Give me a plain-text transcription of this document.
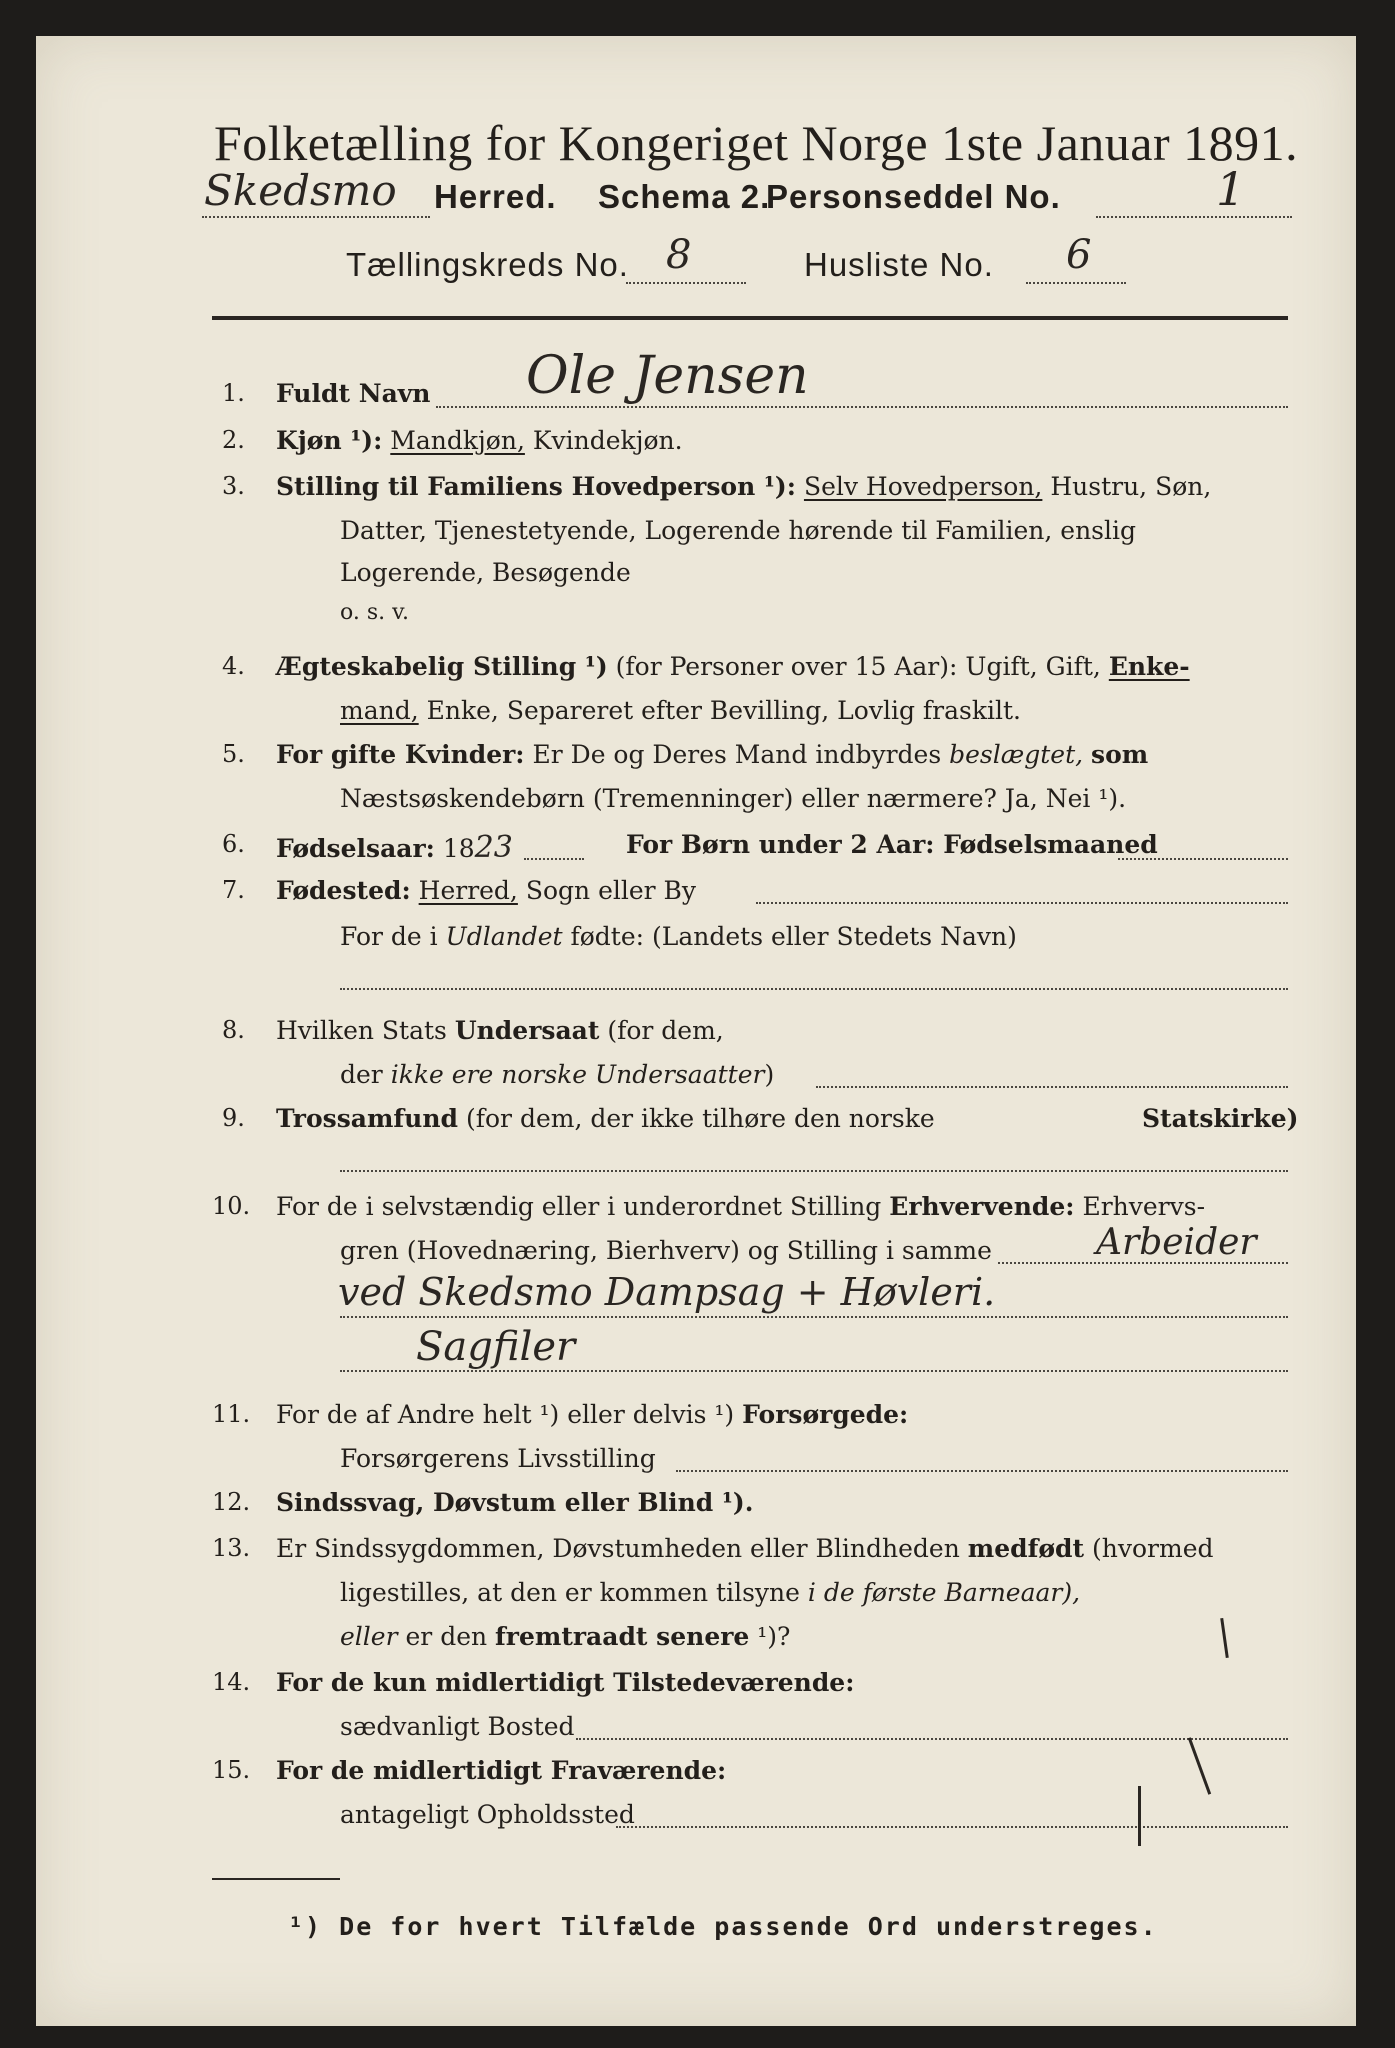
Folketælling for Kongeriget Norge 1ste Januar 1891.
Skedsmo Herred. Schema 2.
Personseddel No.	1
Tællingskreds No. 8	Husliste No. 6
1. Fuldt Navn Ole Jensen
2. Kjøn ¹): Mandkjøn, Kvindekjøn.
3. Stilling til Familiens Hovedperson ¹): Selv Hovedperson, Hustru, Søn,
Datter, Tjenestetyende, Logerende hørende til Familien, enslig
Logerende, Besøgende
o. s. v.
4. Ægteskabelig Stilling ¹) (for Personer over 15 Aar): Ugift, Gift, Enke-
mand, Enke, Separeret efter Bevilling, Lovlig fraskilt.
5. For gifte Kvinder: Er De og Deres Mand indbyrdes beslægtet, som
Næstsøskendebørn (Tremenninger) eller nærmere? Ja, Nei ¹).
6. Fødselsaar: 1823	For Børn under 2 Aar: Fødselsmaaned
7. Fødested: Herred, Sogn eller By
For de i Udlandet fødte: (Landets eller Stedets Navn)
8. Hvilken Stats Undersaat (for dem,
der ikke ere norske Undersaatter)
9. Trossamfund (for dem, der ikke tilhøre den norske	Statskirke)
10. For de i selvstændig eller i underordnet Stilling Erhvervende: Erhvervs-
gren (Hovednæring, Bierhverv) og Stilling i samme	Arbeider
ved Skedsmo Dampsag + Høvleri.
Sagfiler
11. For de af Andre helt ¹) eller delvis ¹) Forsørgede:
Forsørgerens Livsstilling
12. Sindssvag, Døvstum eller Blind ¹).
13. Er Sindssygdommen, Døvstumheden eller Blindheden medfødt (hvormed
ligestilles, at den er kommen tilsyne i de første Barneaar),
eller er den fremtraadt senere ¹)?
14. For de kun midlertidigt Tilstedeværende:
sædvanligt Bosted
15. For de midlertidigt Fraværende:
antageligt Opholdssted
¹) De for hvert Tilfælde passende Ord understreges.
